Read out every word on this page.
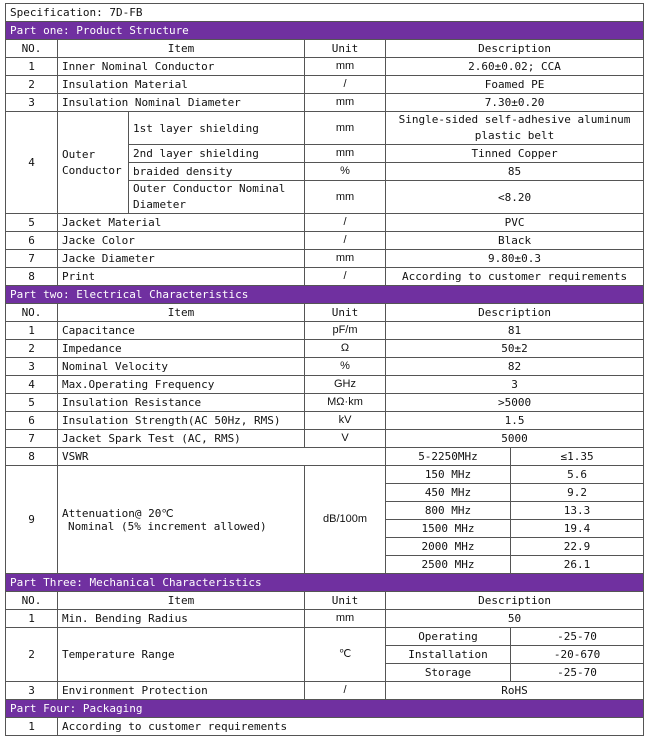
Specification: 7D-FB					
Part one: Product Structure					
NO.	Item		Unit	Description	
1	Inner Nominal Conductor		mm	2.60±0.02; CCA	
2	Insulation Material		/	Foamed PE	
3	Insulation Nominal Diameter		mm	7.30±0.20	
4	Outer Conductor	1st layer shielding	mm	Single-sided self-adhesive aluminum plastic belt	
		2nd layer shielding	mm	Tinned Copper	
		braided density	%	85	
		Outer Conductor Nominal Diameter	mm	<8.20	
5	Jacket Material		/	PVC	
6	Jacke Color		/	Black	
7	Jacke Diameter		mm	9.80±0.3	
8	Print		/	According to customer requirements	
Part two: Electrical Characteristics					
NO.	Item		Unit	Description	
1	Capacitance		pF/m	81	
2	Impedance		Ω	50±2	
3	Nominal Velocity		%	82	
4	Max.Operating Frequency		GHz	3	
5	Insulation Resistance		MΩ·km	>5000	
6	Insulation Strength(AC 50Hz, RMS)		kV	1.5	
7	Jacket Spark Test (AC, RMS)		V	5000	
8	VSWR			5-2250MHz	≤1.35
9	Attenuation@ 20℃
Nominal (5% increment allowed)		dB/100m	150 MHz	5.6
				450 MHz	9.2
				800 MHz	13.3
				1500 MHz	19.4
				2000 MHz	22.9
				2500 MHz	26.1
Part Three: Mechanical Characteristics					
NO.	Item		Unit	Description	
1	Min. Bending Radius		mm	50	
2	Temperature Range		℃	Operating	-25-70
				Installation	-20-670
				Storage	-25-70
3	Environment Protection		/	RoHS	
Part Four: Packaging					
1	According to customer requirements				
